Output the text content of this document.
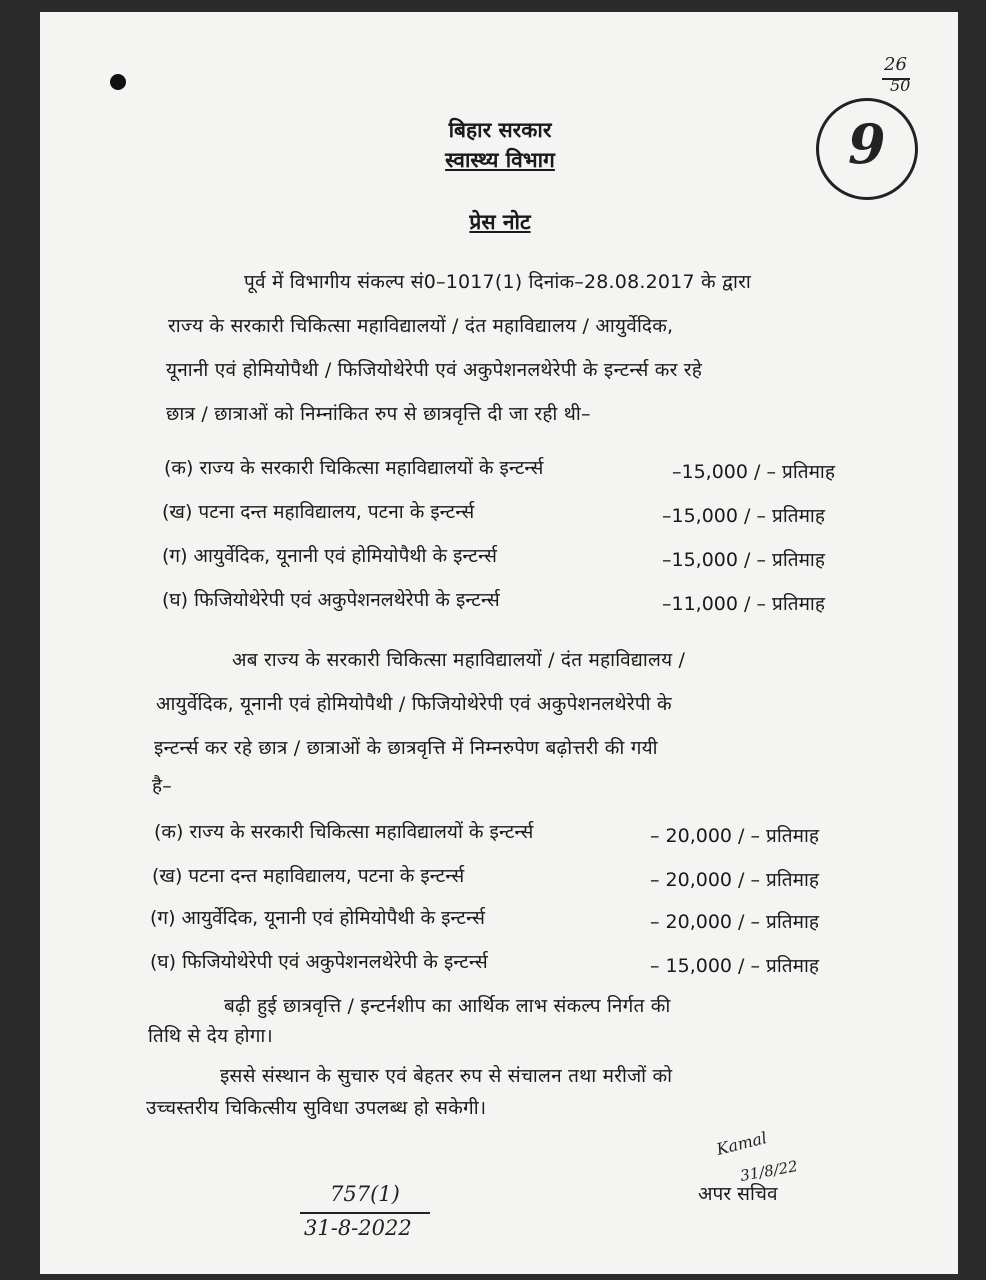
26
50
9
बिहार सरकार
स्वास्थ्य विभाग
प्रेस नोट
पूर्व में विभागीय संकल्प सं0–1017(1) दिनांक–28.08.2017 के द्वारा
राज्य के सरकारी चिकित्सा महाविद्यालयों / दंत महाविद्यालय / आयुर्वेदिक,
यूनानी एवं होमियोपैथी / फिजियोथेरेपी एवं अकुपेशनलथेरेपी के इन्टर्न्स कर रहे
छात्र / छात्राओं को निम्नांकित रुप से छात्रवृत्ति दी जा रही थी–
(क) राज्य के सरकारी चिकित्सा महाविद्यालयों के इन्टर्न्स	–15,000 / – प्रतिमाह
(ख) पटना दन्त महाविद्यालय, पटना के इन्टर्न्स	–15,000 / – प्रतिमाह
(ग) आयुर्वेदिक, यूनानी एवं होमियोपैथी के इन्टर्न्स	–15,000 / – प्रतिमाह
(घ) फिजियोथेरेपी एवं अकुपेशनलथेरेपी के इन्टर्न्स	–11,000 / – प्रतिमाह
अब राज्य के सरकारी चिकित्सा महाविद्यालयों / दंत महाविद्यालय /
आयुर्वेदिक, यूनानी एवं होमियोपैथी / फिजियोथेरेपी एवं अकुपेशनलथेरेपी के
इन्टर्न्स कर रहे छात्र / छात्राओं के छात्रवृत्ति में निम्नरुपेण बढ़ोत्तरी की गयी
है–
(क) राज्य के सरकारी चिकित्सा महाविद्यालयों के इन्टर्न्स	– 20,000 / – प्रतिमाह
(ख) पटना दन्त महाविद्यालय, पटना के इन्टर्न्स	– 20,000 / – प्रतिमाह
(ग) आयुर्वेदिक, यूनानी एवं होमियोपैथी के इन्टर्न्स	– 20,000 / – प्रतिमाह
(घ) फिजियोथेरेपी एवं अकुपेशनलथेरेपी के इन्टर्न्स	– 15,000 / – प्रतिमाह
बढ़ी हुई छात्रवृत्ति / इन्टर्नशीप का आर्थिक लाभ संकल्प निर्गत की
तिथि से देय होगा।
इससे संस्थान के सुचारु एवं बेहतर रुप से संचालन तथा मरीजों को
उच्चस्तरीय चिकित्सीय सुविधा उपलब्ध हो सकेगी।
Kamal
31/8/22
अपर सचिव
757(1)
31-8-2022
